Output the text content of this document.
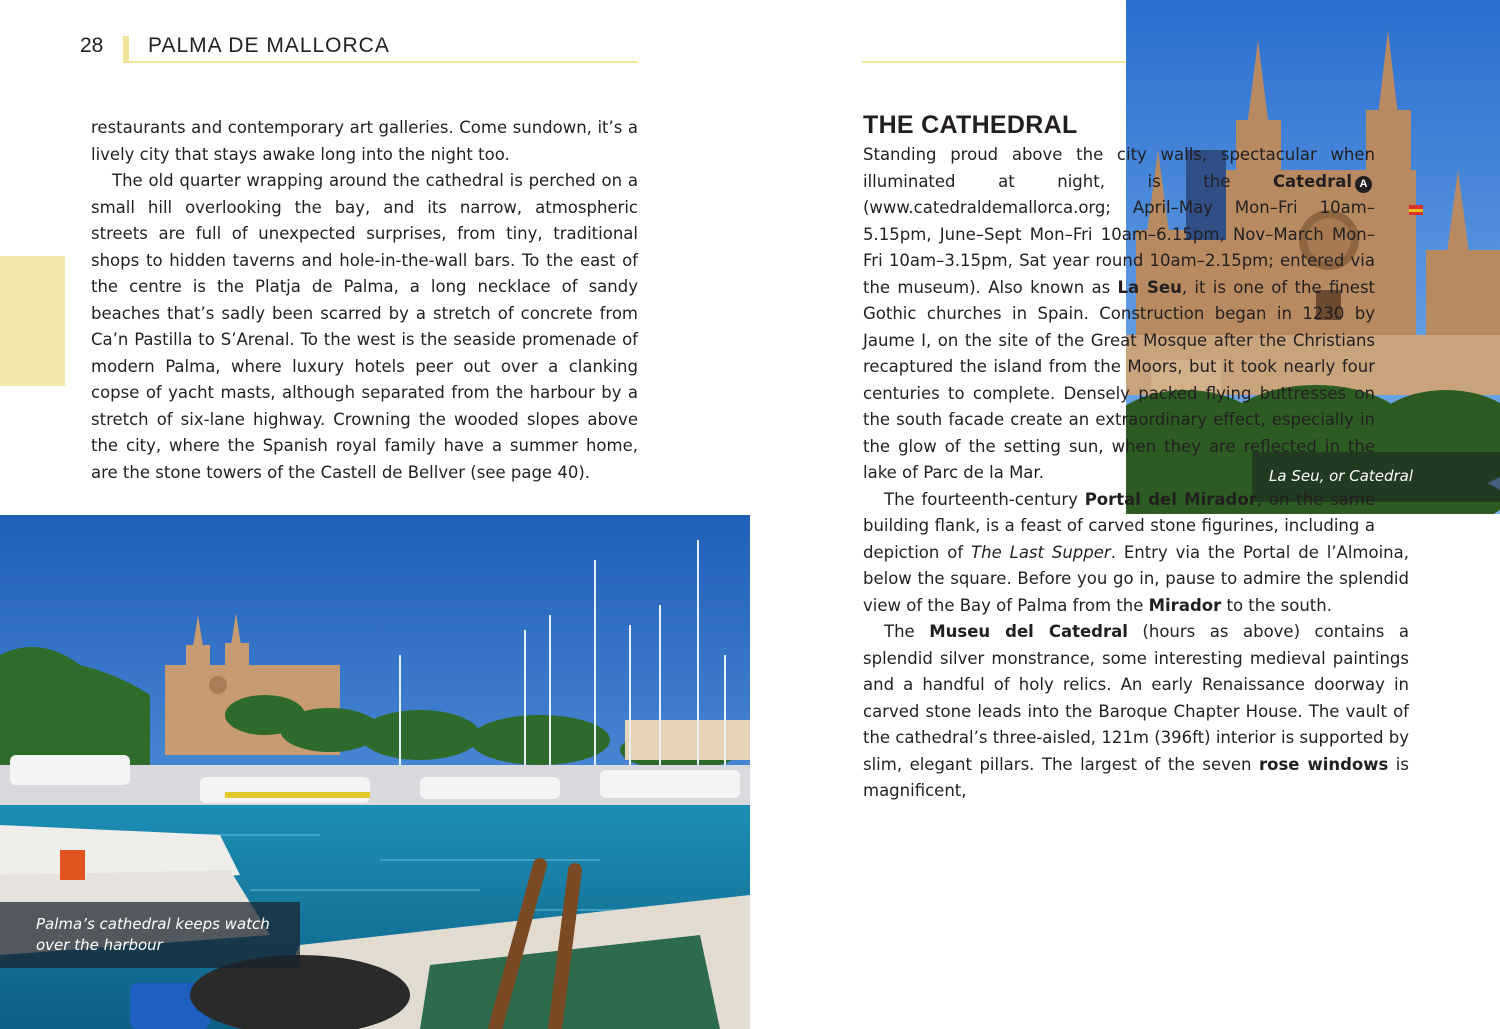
28 PALMA DE MALLORCA

restaurants and contemporary art galleries. Come sundown, it’s a lively city that stays awake long into the night too.

The old quarter wrapping around the cathedral is perched on a small hill overlooking the bay, and its narrow, atmospheric streets are full of unexpected surprises, from tiny, traditional shops to hidden taverns and hole-in-the-wall bars. To the east of the centre is the Platja de Palma, a long necklace of sandy beaches that’s sadly been scarred by a stretch of concrete from Ca’n Pastilla to S’Arenal. To the west is the seaside promenade of modern Palma, where luxury hotels peer out over a clanking copse of yacht masts, although separated from the harbour by a stretch of six-lane highway. Crowning the wooded slopes above the city, where the Spanish royal family have a summer home, are the stone towers of the Castell de Bellver (see page 40).

Palma’s cathedral keeps watch over the harbour
La Seu, or Catedral
THE CATHEDRAL

Standing proud above the city walls, spectacular when illuminated at night, is the Catedral A (www.catedraldemallorca.org; April–May Mon–Fri 10am–5.15pm, June–Sept Mon–Fri 10am–6.15pm, Nov–March Mon–Fri 10am–3.15pm, Sat year round 10am–2.15pm; entered via the museum). Also known as La Seu, it is one of the finest Gothic churches in Spain. Construction began in 1230 by Jaume I, on the site of the Great Mosque after the Christians recaptured the island from the Moors, but it took nearly four centuries to complete. Densely packed flying buttresses on the south facade create an extraordinary effect, especially in the glow of the setting sun, when they are reflected in the lake of Parc de la Mar.

The fourteenth-century Portal del Mirador, on the same building flank, is a feast of carved stone figurines, including a depiction of The Last Supper. Entry via the Portal de l’Almoina, below the square. Before you go in, pause to admire the splendid view of the Bay of Palma from the Mirador to the south.

The Museu del Catedral (hours as above) contains a splendid silver monstrance, some interesting medieval paintings and a handful of holy relics. An early Renaissance doorway in carved stone leads into the Baroque Chapter House. The vault of the cathedral’s three-aisled, 121m (396ft) interior is supported by slim, elegant pillars. The largest of the seven rose windows is magnificent,
